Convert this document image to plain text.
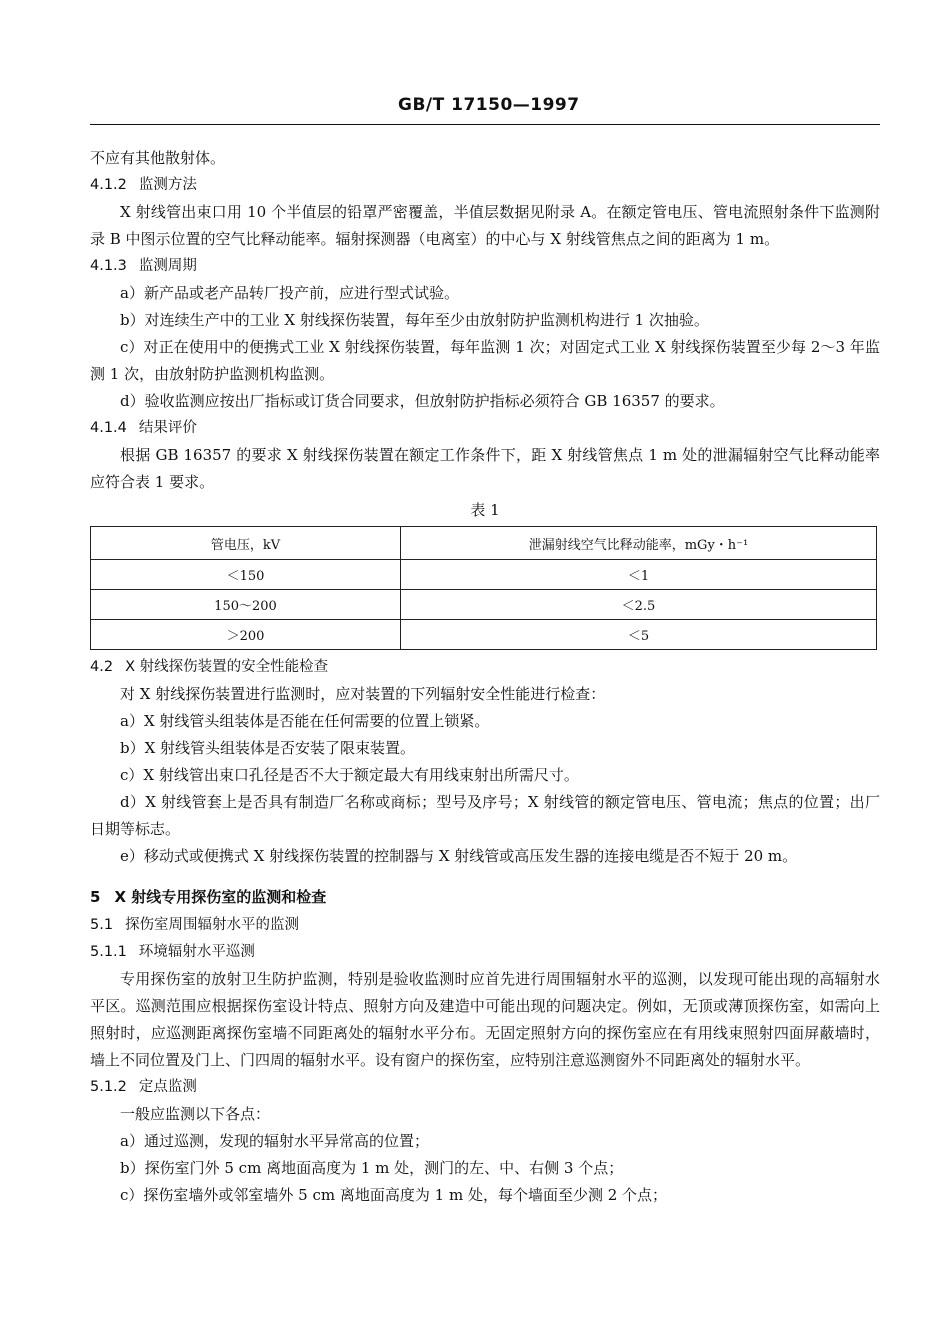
GB/T 17150—1997
不应有其他散射体。
4.1.2 监测方法
X 射线管出束口用 10 个半值层的铅罩严密覆盖，半值层数据见附录 A。在额定管电压、管电流照射条件下监测附录 B 中图示位置的空气比释动能率。辐射探测器（电离室）的中心与 X 射线管焦点之间的距离为 1 m。
4.1.3 监测周期
a）新产品或老产品转厂投产前，应进行型式试验。
b）对连续生产中的工业 X 射线探伤装置，每年至少由放射防护监测机构进行 1 次抽验。
c）对正在使用中的便携式工业 X 射线探伤装置，每年监测 1 次；对固定式工业 X 射线探伤装置至少每 2～3 年监测 1 次，由放射防护监测机构监测。
d）验收监测应按出厂指标或订货合同要求，但放射防护指标必须符合 GB 16357 的要求。
4.1.4 结果评价
根据 GB 16357 的要求 X 射线探伤装置在额定工作条件下，距 X 射线管焦点 1 m 处的泄漏辐射空气比释动能率应符合表 1 要求。
表 1
管电压，kV	泄漏射线空气比释动能率，mGy・h⁻¹
＜150	＜1
150～200	＜2.5
＞200	＜5
4.2 X 射线探伤装置的安全性能检查
对 X 射线探伤装置进行监测时，应对装置的下列辐射安全性能进行检查：
a）X 射线管头组装体是否能在任何需要的位置上锁紧。
b）X 射线管头组装体是否安装了限束装置。
c）X 射线管出束口孔径是否不大于额定最大有用线束射出所需尺寸。
d）X 射线管套上是否具有制造厂名称或商标；型号及序号；X 射线管的额定管电压、管电流；焦点的位置；出厂日期等标志。
e）移动式或便携式 X 射线探伤装置的控制器与 X 射线管或高压发生器的连接电缆是否不短于 20 m。
5 X 射线专用探伤室的监测和检查
5.1 探伤室周围辐射水平的监测
5.1.1 环境辐射水平巡测
专用探伤室的放射卫生防护监测，特别是验收监测时应首先进行周围辐射水平的巡测，以发现可能出现的高辐射水平区。巡测范围应根据探伤室设计特点、照射方向及建造中可能出现的问题决定。例如，无顶或薄顶探伤室，如需向上照射时，应巡测距离探伤室墙不同距离处的辐射水平分布。无固定照射方向的探伤室应在有用线束照射四面屏蔽墙时，墙上不同位置及门上、门四周的辐射水平。设有窗户的探伤室，应特别注意巡测窗外不同距离处的辐射水平。
5.1.2 定点监测
一般应监测以下各点：
a）通过巡测，发现的辐射水平异常高的位置；
b）探伤室门外 5 cm 离地面高度为 1 m 处，测门的左、中、右侧 3 个点；
c）探伤室墙外或邻室墙外 5 cm 离地面高度为 1 m 处，每个墙面至少测 2 个点；
